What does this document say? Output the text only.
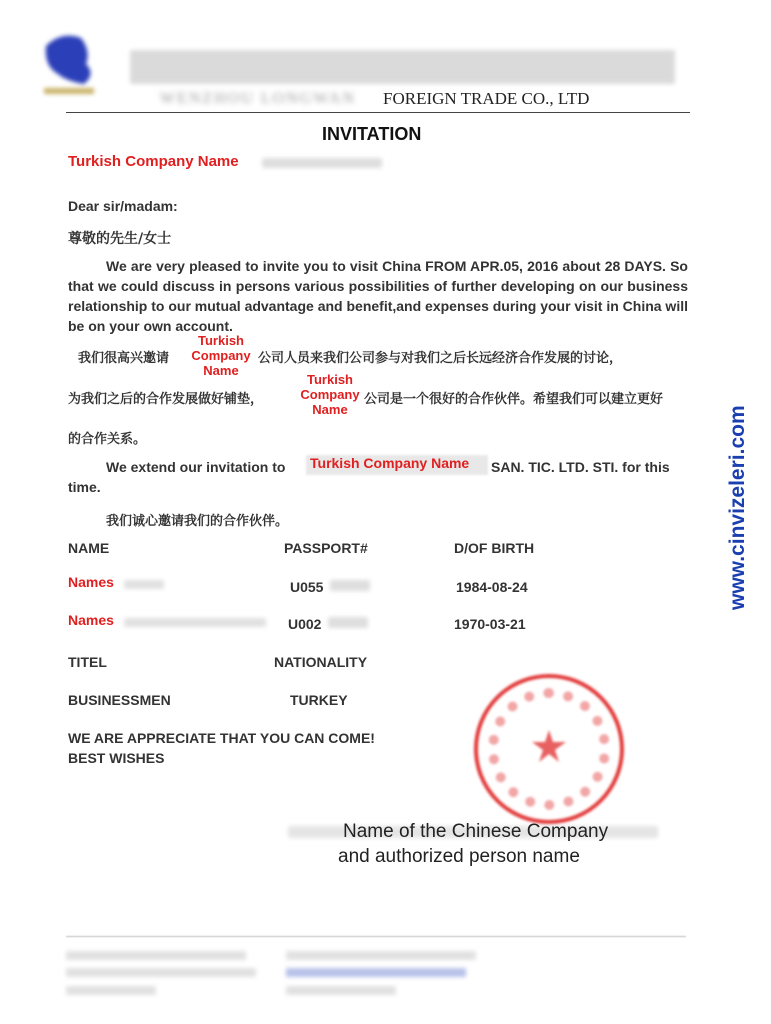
WENZHOU LONGWAN FOREIGN TRADE CO., LTD
INVITATION
Turkish Company Name
Dear sir/madam:
尊敬的先生/女士
We are very pleased to invite you to visit China FROM APR.05, 2016 about 28 DAYS. So that we could discuss in persons various possibilities of further developing on our business relationship to our mutual advantage and benefit,and expenses during your visit in China will be on your own account.
我们很高兴邀请
Turkish
Company
Name
公司人员来我们公司参与对我们之后长远经济合作发展的讨论，
为我们之后的合作发展做好铺垫，
Turkish
Company
Name
公司是一个很好的合作伙伴。希望我们可以建立更好
的合作关系。
We extend our invitation to Turkish Company Name SAN. TIC. LTD. STI. for this
time.
我们诚心邀请我们的合作伙伴。
NAME	PASSPORT#	D/OF BIRTH
Names	U055	1984-08-24
Names	U002	1970-03-21
TITEL	NATIONALITY
BUSINESSMEN	TURKEY
WE ARE APPRECIATE THAT YOU CAN COME!
BEST WISHES
Name of the Chinese Company
and authorized person name
www.cinvizeleri.com
